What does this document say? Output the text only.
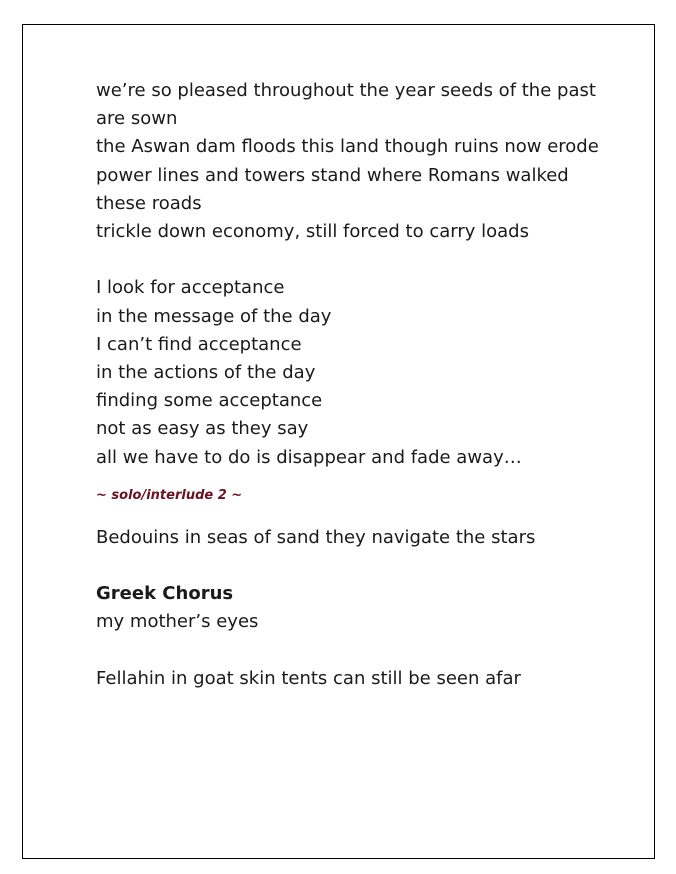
we’re so pleased throughout the year seeds of the past
are sown
the Aswan dam floods this land though ruins now erode
power lines and towers stand where Romans walked
these roads
trickle down economy, still forced to carry loads
I look for acceptance
in the message of the day
I can’t find acceptance
in the actions of the day
finding some acceptance
not as easy as they say
all we have to do is disappear and fade away…
~ solo/interlude 2 ~
Bedouins in seas of sand they navigate the stars
Greek Chorus
my mother’s eyes
Fellahin in goat skin tents can still be seen afar
